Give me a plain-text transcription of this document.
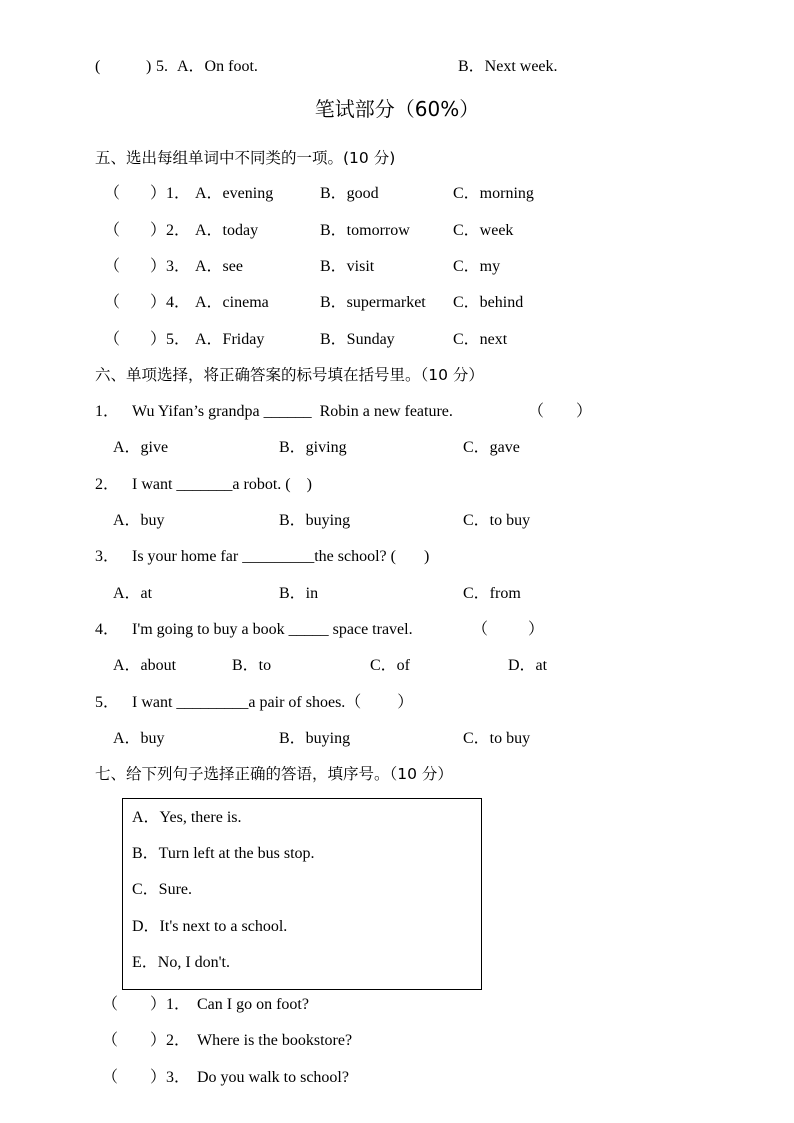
(	) 5. A．On foot.	B．Next week.
笔试部分（60%）
五、选出每组单词中不同类的一项。(10 分)
（ ）1． A．evening	B．good	C．morning
（ ）2． A．today	B．tomorrow	C．week
（ ）3． A．see	B．visit	C．my
（ ）4． A．cinema	B．supermarket C．behind
（ ）5． A．Friday	B．Sunday	C．next
六、单项选择，将正确答案的标号填在括号里。（10 分）
1． Wu Yifan’s grandpa ______  Robin a new feature.	（        ）
A．give	B．giving	C．gave
2． I want _______a robot. (    )
A．buy	B．buying	C．to buy
3． Is your home far _________the school? (       )
A．at	B．in	C．from
4． I'm going to buy a book _____ space travel.	（          ）
A．about	B．to	C．of	D．at
5． I want _________a pair of shoes.（         ）
A．buy	B．buying	C．to buy
七、给下列句子选择正确的答语，填序号。（10 分）
A．Yes, there is.
B．Turn left at the bus stop.
C．Sure.
D．It's next to a school.
E．No, I don't.
（ ）1． Can I go on foot?
（ ）2． Where is the bookstore?
（ ）3． Do you walk to school?
